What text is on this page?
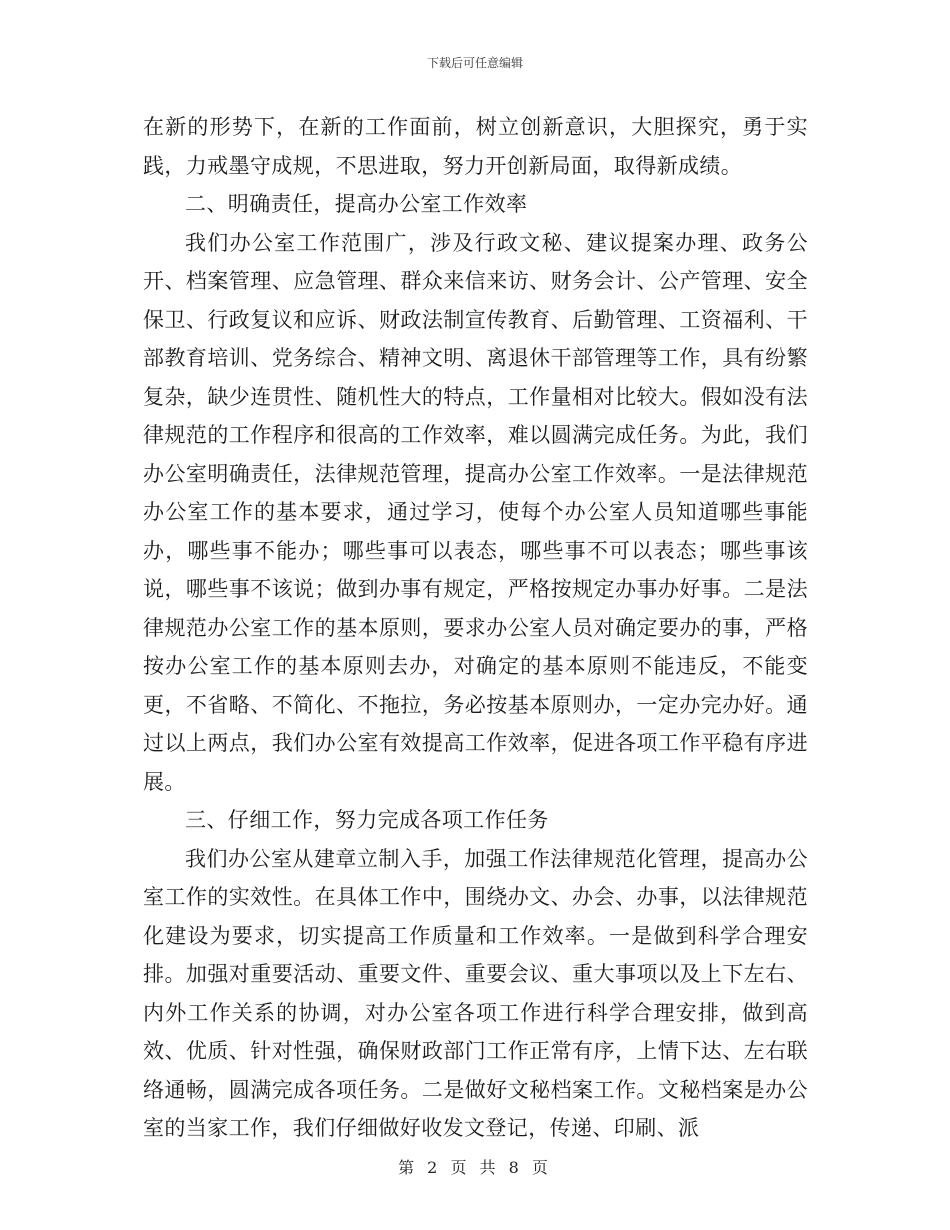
下载后可任意编辑

在新的形势下，在新的工作面前，树立创新意识，大胆探究，勇于实践，力戒墨守成规，不思进取，努力开创新局面，取得新成绩。

二、明确责任，提高办公室工作效率

我们办公室工作范围广，涉及行政文秘、建议提案办理、政务公开、档案管理、应急管理、群众来信来访、财务会计、公产管理、安全保卫、行政复议和应诉、财政法制宣传教育、后勤管理、工资福利、干部教育培训、党务综合、精神文明、离退休干部管理等工作，具有纷繁复杂，缺少连贯性、随机性大的特点，工作量相对比较大。假如没有法律规范的工作程序和很高的工作效率，难以圆满完成任务。为此，我们办公室明确责任，法律规范管理，提高办公室工作效率。一是法律规范办公室工作的基本要求，通过学习，使每个办公室人员知道哪些事能办，哪些事不能办；哪些事可以表态，哪些事不可以表态；哪些事该说，哪些事不该说；做到办事有规定，严格按规定办事办好事。二是法律规范办公室工作的基本原则，要求办公室人员对确定要办的事，严格按办公室工作的基本原则去办，对确定的基本原则不能违反，不能变更，不省略、不简化、不拖拉，务必按基本原则办，一定办完办好。通过以上两点，我们办公室有效提高工作效率，促进各项工作平稳有序进展。

三、仔细工作，努力完成各项工作任务

我们办公室从建章立制入手，加强工作法律规范化管理，提高办公室工作的实效性。在具体工作中，围绕办文、办会、办事，以法律规范化建设为要求，切实提高工作质量和工作效率。一是做到科学合理安排。加强对重要活动、重要文件、重要会议、重大事项以及上下左右、内外工作关系的协调，对办公室各项工作进行科学合理安排，做到高效、优质、针对性强，确保财政部门工作正常有序，上情下达、左右联络通畅，圆满完成各项任务。二是做好文秘档案工作。文秘档案是办公室的当家工作，我们仔细做好收发文登记，传递、印刷、派

第 2 页 共 8 页
